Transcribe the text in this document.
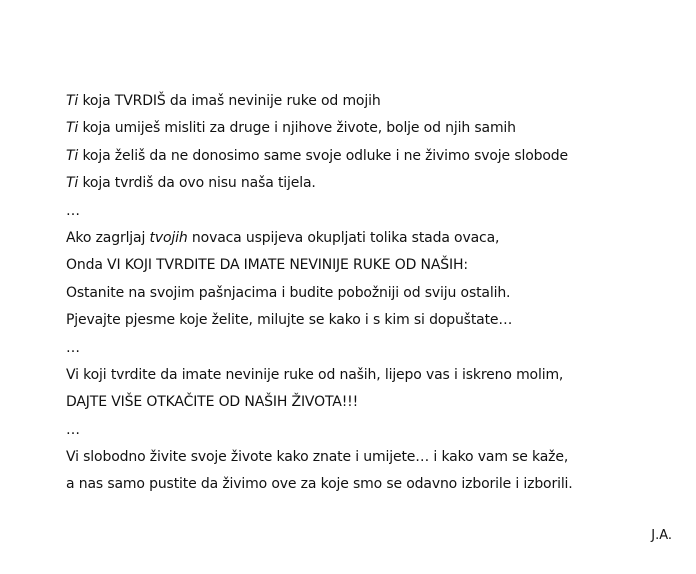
Ti koja TVRDIŠ da imaš nevinije ruke od mojih
Ti koja umiješ misliti za druge i njihove živote, bolje od njih samih
Ti koja želiš da ne donosimo same svoje odluke i ne živimo svoje slobode
Ti koja tvrdiš da ovo nisu naša tijela.
…
Ako zagrljaj tvojih novaca uspijeva okupljati tolika stada ovaca,
Onda VI KOJI TVRDITE DA IMATE NEVINIJE RUKE OD NAŠIH:
Ostanite na svojim pašnjacima i budite pobožniji od sviju ostalih.
Pjevajte pjesme koje želite, milujte se kako i s kim si dopuštate…
…
Vi koji tvrdite da imate nevinije ruke od naših, lijepo vas i iskreno molim,
DAJTE VIŠE OTKAČITE OD NAŠIH ŽIVOTA!!!
…
Vi slobodno živite svoje živote kako znate i umijete… i kako vam se kaže,
a nas samo pustite da živimo ove za koje smo se odavno izborile i izborili.
J.A.
